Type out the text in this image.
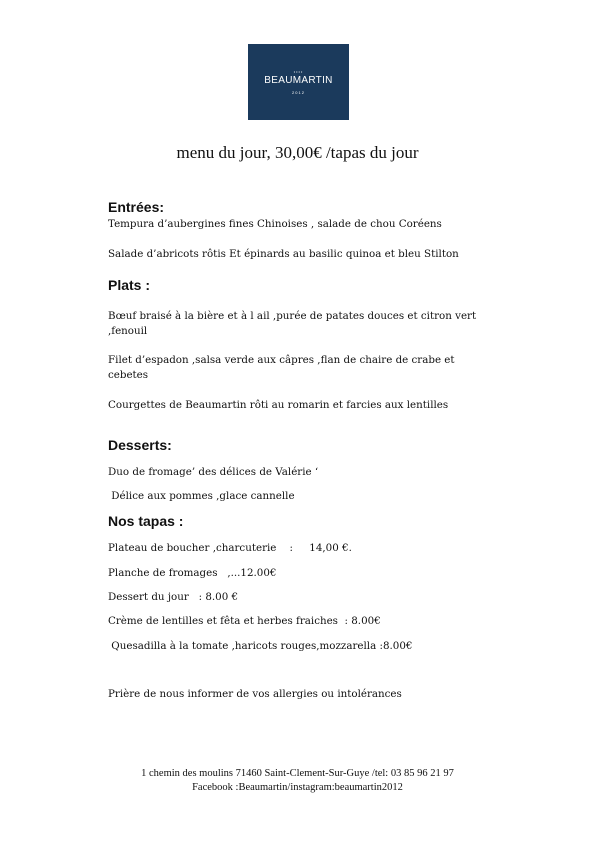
••••
BEAUMARTIN
2012
menu du jour, 30,00€ /tapas du jour
Entrées:
Tempura d’aubergines fines Chinoises , salade de chou Coréens
Salade d’abricots rôtis Et épinards au basilic quinoa et bleu Stilton
Plats :
Bœuf braisé à la bière et à l ail ,purée de patates douces et citron vert ,fenouil
Filet d’espadon ,salsa verde aux câpres ,flan de chaire de crabe et cebetes
Courgettes de Beaumartin rôti au romarin et farcies aux lentilles
Desserts:
Duo de fromage’ des délices de Valérie ‘
Délice aux pommes ,glace cannelle
Nos tapas :
Plateau de boucher ,charcuterie    :     14,00 €.
Planche de fromages   ,...12.00€
Dessert du jour   : 8.00 €
Crème de lentilles et fêta et herbes fraiches  : 8.00€
Quesadilla à la tomate ,haricots rouges,mozzarella :8.00€
Prière de nous informer de vos allergies ou intolérances
1 chemin des moulins 71460 Saint-Clement-Sur-Guye /tel: 03 85 96 21 97
Facebook :Beaumartin/instagram:beaumartin2012
